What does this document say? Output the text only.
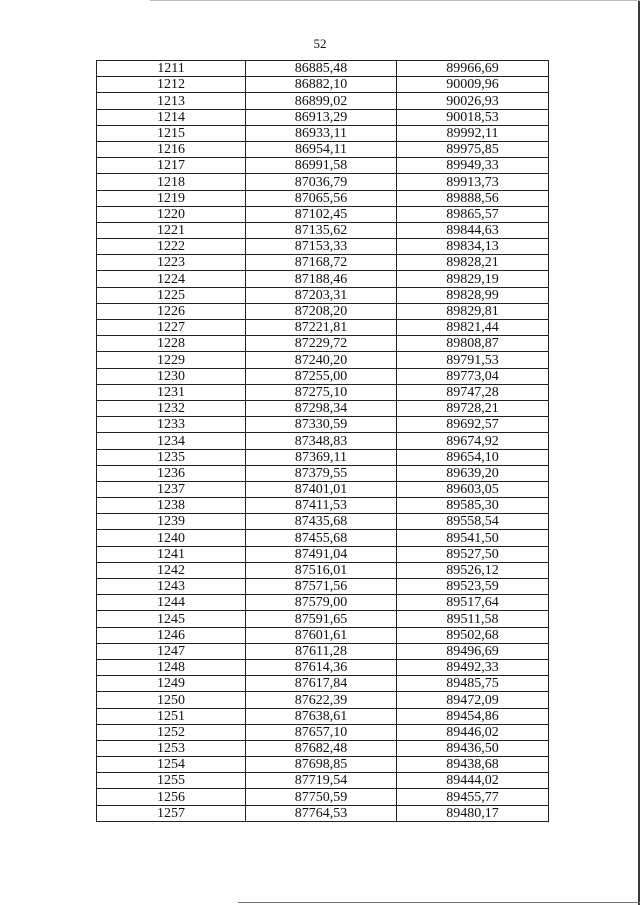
52
1211	86885,48	89966,69
1212	86882,10	90009,96
1213	86899,02	90026,93
1214	86913,29	90018,53
1215	86933,11	89992,11
1216	86954,11	89975,85
1217	86991,58	89949,33
1218	87036,79	89913,73
1219	87065,56	89888,56
1220	87102,45	89865,57
1221	87135,62	89844,63
1222	87153,33	89834,13
1223	87168,72	89828,21
1224	87188,46	89829,19
1225	87203,31	89828,99
1226	87208,20	89829,81
1227	87221,81	89821,44
1228	87229,72	89808,87
1229	87240,20	89791,53
1230	87255,00	89773,04
1231	87275,10	89747,28
1232	87298,34	89728,21
1233	87330,59	89692,57
1234	87348,83	89674,92
1235	87369,11	89654,10
1236	87379,55	89639,20
1237	87401,01	89603,05
1238	87411,53	89585,30
1239	87435,68	89558,54
1240	87455,68	89541,50
1241	87491,04	89527,50
1242	87516,01	89526,12
1243	87571,56	89523,59
1244	87579,00	89517,64
1245	87591,65	89511,58
1246	87601,61	89502,68
1247	87611,28	89496,69
1248	87614,36	89492,33
1249	87617,84	89485,75
1250	87622,39	89472,09
1251	87638,61	89454,86
1252	87657,10	89446,02
1253	87682,48	89436,50
1254	87698,85	89438,68
1255	87719,54	89444,02
1256	87750,59	89455,77
1257	87764,53	89480,17
